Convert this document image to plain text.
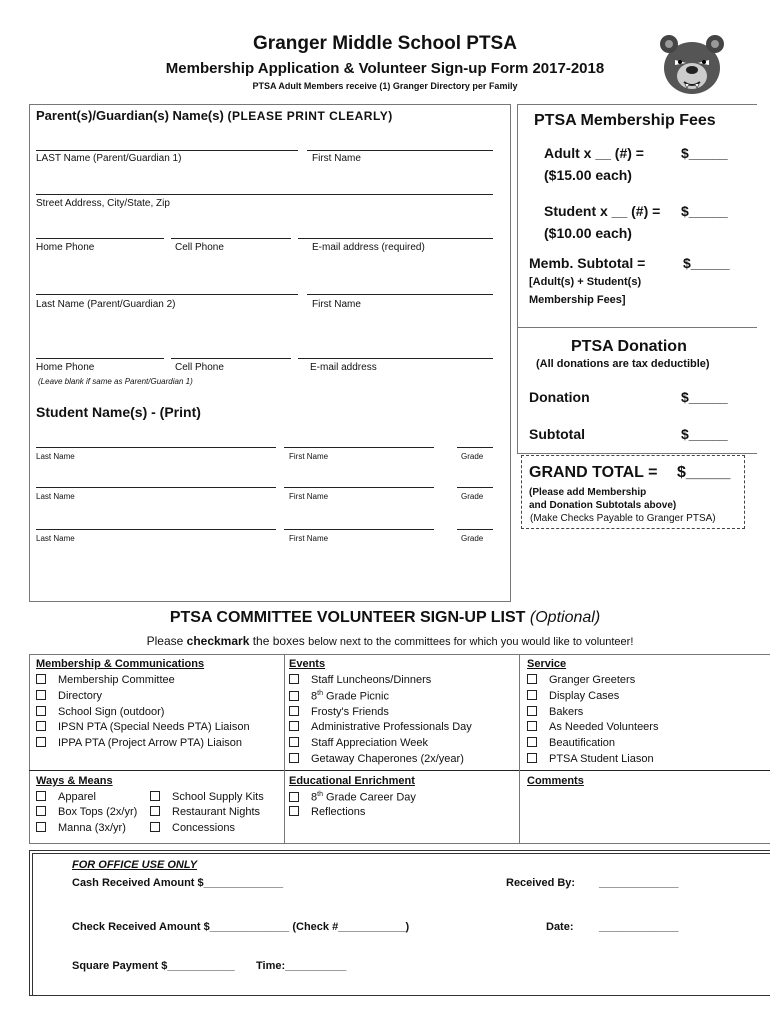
Granger Middle School PTSA
Membership Application & Volunteer Sign-up Form 2017-2018
PTSA Adult Members receive (1) Granger Directory per Family
Parent(s)/Guardian(s) Name(s) (PLEASE PRINT CLEARLY)
LAST Name (Parent/Guardian 1)	First Name
Street Address, City/State, Zip
Home Phone	Cell Phone	E-mail address (required)
Last Name (Parent/Guardian 2)	First Name
Home Phone	Cell Phone	E-mail address
(Leave blank if same as Parent/Guardian 1)
Student Name(s) - (Print)
Last Name	First Name	Grade
Last Name	First Name	Grade
Last Name	First Name	Grade
PTSA Membership Fees
Adult x __ (#) =	$_____
($15.00 each)
Student x __ (#) = $_____
($10.00 each)
Memb. Subtotal =	$_____
[Adult(s) + Student(s)
Membership Fees]
PTSA Donation
(All donations are tax deductible)
Donation	$_____
Subtotal	$_____
GRAND TOTAL = $_____
(Please add Membership
and Donation Subtotals above)
(Make Checks Payable to Granger PTSA)
PTSA COMMITTEE VOLUNTEER SIGN-UP LIST (Optional)
Please checkmark the boxes below next to the committees for which you would like to volunteer!
Membership & Communications
Membership Committee
Directory
School Sign (outdoor)
IPSN PTA (Special Needs PTA) Liaison
IPPA PTA (Project Arrow PTA) Liaison
Events
Staff Luncheons/Dinners
8th Grade Picnic
Frosty's Friends
Administrative Professionals Day
Staff Appreciation Week
Getaway Chaperones (2x/year)
Service
Granger Greeters
Display Cases
Bakers
As Needed Volunteers
Beautification
PTSA Student Liason
Ways & Means
Apparel	School Supply Kits
Box Tops (2x/yr)	Restaurant Nights
Manna (3x/yr)	Concessions
Educational Enrichment
8th Grade Career Day
Reflections
Comments
FOR OFFICE USE ONLY
Cash Received Amount $_____________	Received By: _____________
Check Received Amount $_____________ (Check #___________)	Date: _____________
Square Payment $___________ Time:__________
